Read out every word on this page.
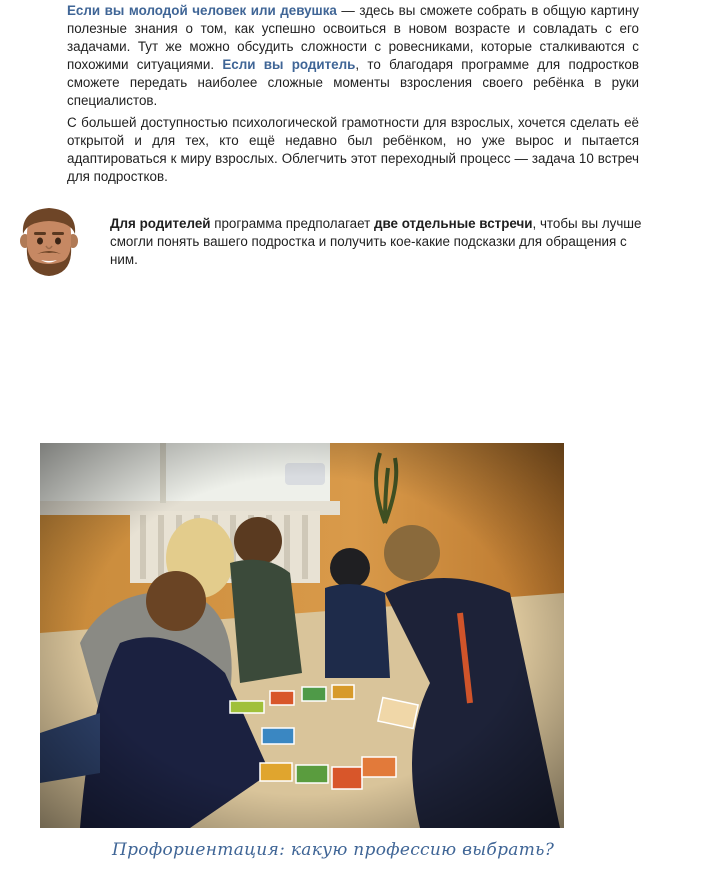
Если вы молодой человек или девушка — здесь вы сможете собрать в общую картину полезные знания о том, как успешно освоиться в новом возрасте и совладать с его задачами. Тут же можно обсудить сложности с ровесниками, которые сталкиваются с похожими ситуациями. Если вы родитель, то благодаря программе для подростков сможете передать наиболее сложные моменты взросления своего ребёнка в руки специалистов.

С большей доступностью психологической грамотности для взрослых, хочется сделать её открытой и для тех, кто ещё недавно был ребёнком, но уже вырос и пытается адаптироваться к миру взрослых. Облегчить этот переходный процесс — задача 10 встреч для подростков.

Для родителей программа предполагает две отдельные встречи, чтобы вы лучше смогли понять вашего подростка и получить кое-какие подсказки для обращения с ним.

Профориентация: какую профессию выбрать?
